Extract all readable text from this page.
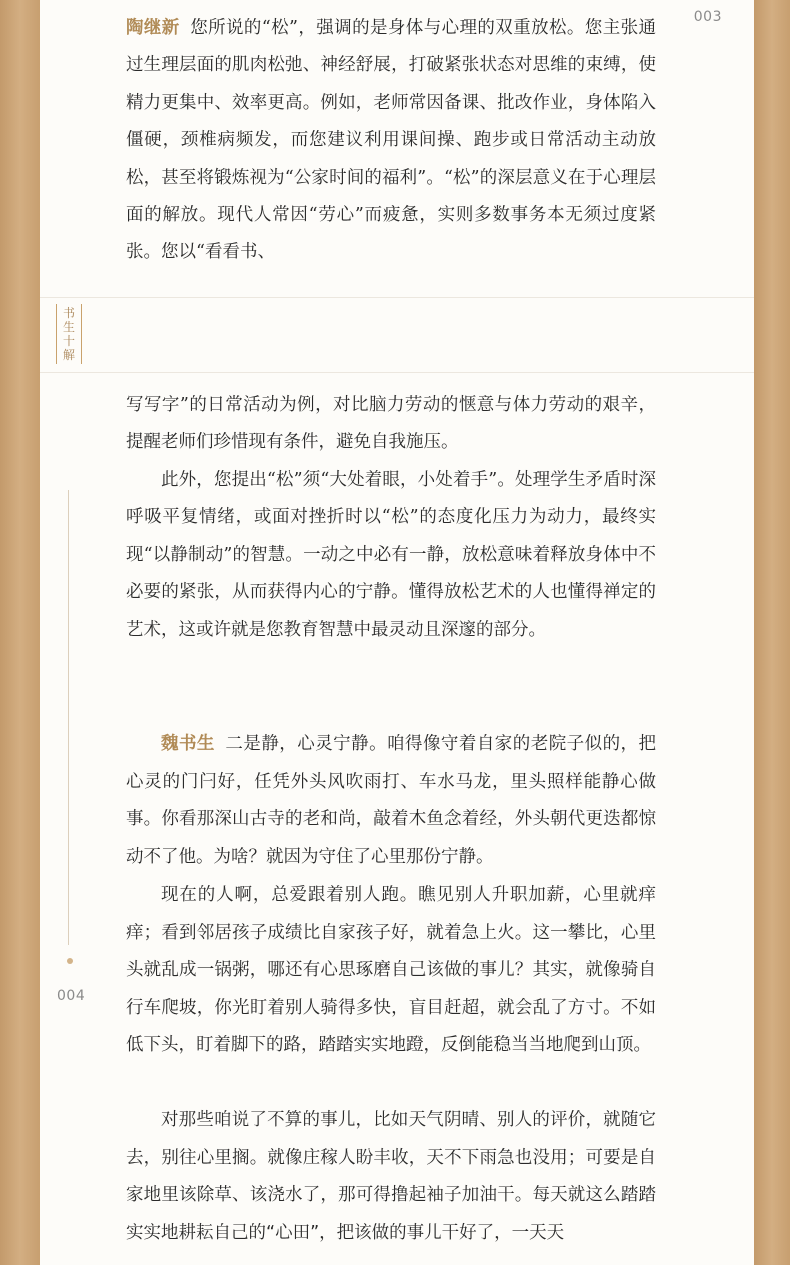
003

陶继新 您所说的“松”，强调的是身体与心理的双重放松。您主张通过生理层面的肌肉松弛、神经舒展，打破紧张状态对思维的束缚，使精力更集中、效率更高。例如，老师常因备课、批改作业，身体陷入僵硬，颈椎病频发，而您建议利用课间操、跑步或日常活动主动放松，甚至将锻炼视为“公家时间的福利”。“松”的深层意义在于心理层面的解放。现代人常因“劳心”而疲惫，实则多数事务本无须过度紧张。您以“看看书、

书
生
十
解
004

写写字”的日常活动为例，对比脑力劳动的惬意与体力劳动的艰辛，提醒老师们珍惜现有条件，避免自我施压。

此外，您提出“松”须“大处着眼，小处着手”。处理学生矛盾时深呼吸平复情绪，或面对挫折时以“松”的态度化压力为动力，最终实现“以静制动”的智慧。一动之中必有一静，放松意味着释放身体中不必要的紧张，从而获得内心的宁静。懂得放松艺术的人也懂得禅定的艺术，这或许就是您教育智慧中最灵动且深邃的部分。

魏书生 二是静，心灵宁静。咱得像守着自家的老院子似的，把心灵的门闩好，任凭外头风吹雨打、车水马龙，里头照样能静心做事。你看那深山古寺的老和尚，敲着木鱼念着经，外头朝代更迭都惊动不了他。为啥？就因为守住了心里那份宁静。

现在的人啊，总爱跟着别人跑。瞧见别人升职加薪，心里就痒痒；看到邻居孩子成绩比自家孩子好，就着急上火。这一攀比，心里头就乱成一锅粥，哪还有心思琢磨自己该做的事儿？其实，就像骑自行车爬坡，你光盯着别人骑得多快，盲目赶超，就会乱了方寸。不如低下头，盯着脚下的路，踏踏实实地蹬，反倒能稳当当地爬到山顶。

对那些咱说了不算的事儿，比如天气阴晴、别人的评价，就随它去，别往心里搁。就像庄稼人盼丰收，天不下雨急也没用；可要是自家地里该除草、该浇水了，那可得撸起袖子加油干。每天就这么踏踏实实地耕耘自己的“心田”，把该做的事儿干好了，一天天
